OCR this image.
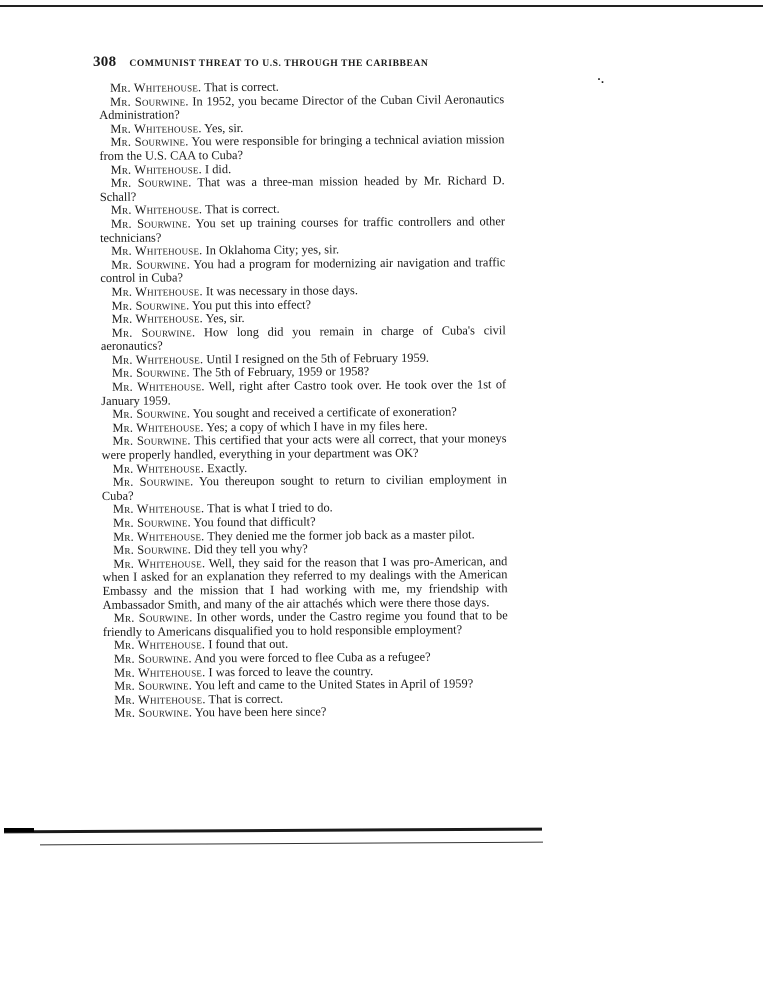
308 COMMUNIST THREAT TO U.S. THROUGH THE CARIBBEAN
·.

Mr. Whitehouse. That is correct.

Mr. Sourwine. In 1952, you became Director of the Cuban Civil Aeronautics Administration?

Mr. Whitehouse. Yes, sir.

Mr. Sourwine. You were responsible for bringing a technical aviation mission from the U.S. CAA to Cuba?

Mr. Whitehouse. I did.

Mr. Sourwine. That was a three-man mission headed by Mr. Richard D. Schall?

Mr. Whitehouse. That is correct.

Mr. Sourwine. You set up training courses for traffic controllers and other technicians?

Mr. Whitehouse. In Oklahoma City; yes, sir.

Mr. Sourwine. You had a program for modernizing air navigation and traffic control in Cuba?

Mr. Whitehouse. It was necessary in those days.

Mr. Sourwine. You put this into effect?

Mr. Whitehouse. Yes, sir.

Mr. Sourwine. How long did you remain in charge of Cuba's civil aeronautics?

Mr. Whitehouse. Until I resigned on the 5th of February 1959.

Mr. Sourwine. The 5th of February, 1959 or 1958?

Mr. Whitehouse. Well, right after Castro took over. He took over the 1st of January 1959.

Mr. Sourwine. You sought and received a certificate of exoneration?

Mr. Whitehouse. Yes; a copy of which I have in my files here.

Mr. Sourwine. This certified that your acts were all correct, that your moneys were properly handled, everything in your department was OK?

Mr. Whitehouse. Exactly.

Mr. Sourwine. You thereupon sought to return to civilian employment in Cuba?

Mr. Whitehouse. That is what I tried to do.

Mr. Sourwine. You found that difficult?

Mr. Whitehouse. They denied me the former job back as a master pilot.

Mr. Sourwine. Did they tell you why?

Mr. Whitehouse. Well, they said for the reason that I was pro-American, and when I asked for an explanation they referred to my dealings with the American Embassy and the mission that I had working with me, my friendship with Ambassador Smith, and many of the air attachés which were there those days.

Mr. Sourwine. In other words, under the Castro regime you found that to be friendly to Americans disqualified you to hold responsible employment?

Mr. Whitehouse. I found that out.

Mr. Sourwine. And you were forced to flee Cuba as a refugee?

Mr. Whitehouse. I was forced to leave the country.

Mr. Sourwine. You left and came to the United States in April of 1959?

Mr. Whitehouse. That is correct.

Mr. Sourwine. You have been here since?
